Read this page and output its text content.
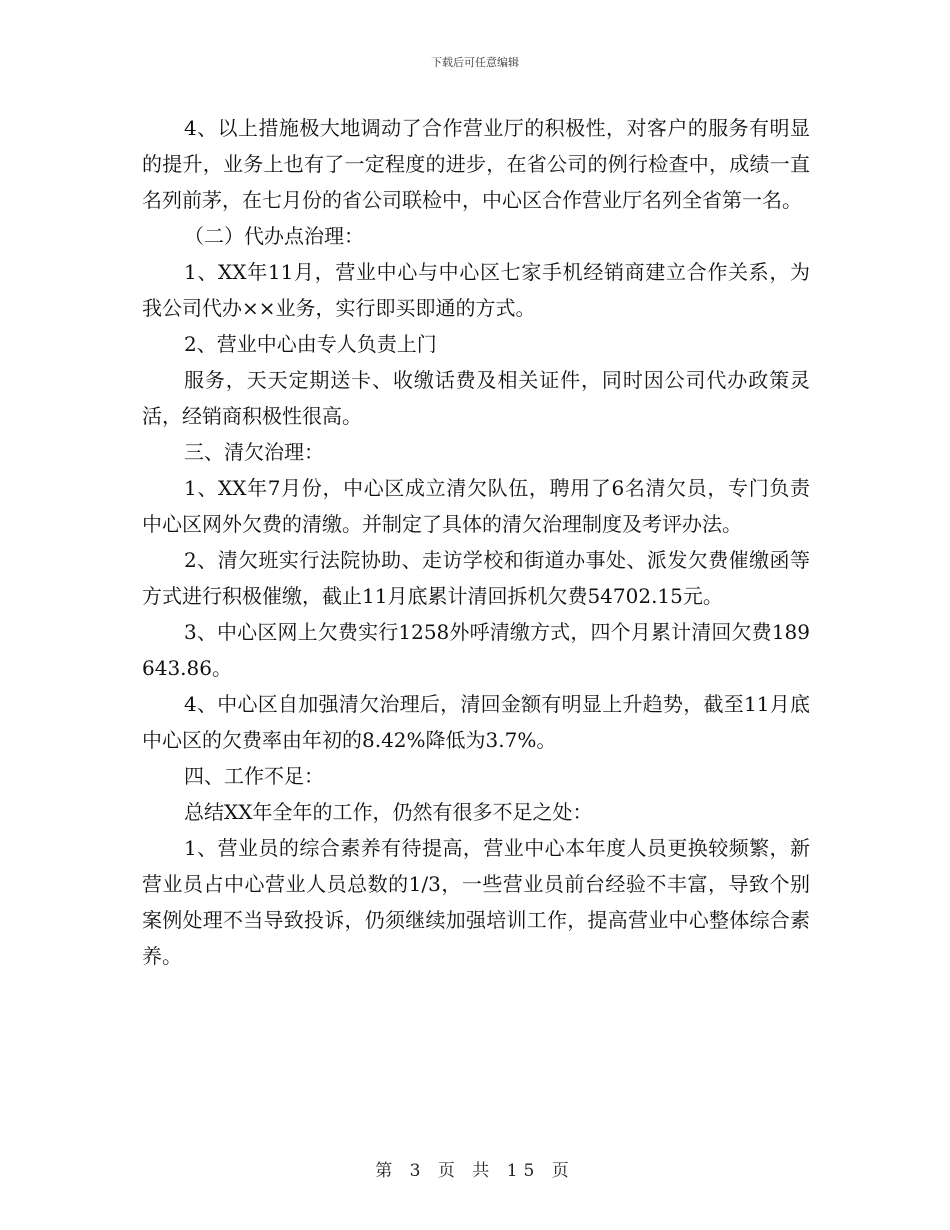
下载后可任意编辑

4、以上措施极大地调动了合作营业厅的积极性，对客户的服务有明显的提升，业务上也有了一定程度的进步，在省公司的例行检查中，成绩一直名列前茅，在七月份的省公司联检中，中心区合作营业厅名列全省第一名。

（二）代办点治理：

1、XX年11月，营业中心与中心区七家手机经销商建立合作关系，为我公司代办××业务，实行即买即通的方式。

2、营业中心由专人负责上门

服务，天天定期送卡、收缴话费及相关证件，同时因公司代办政策灵活，经销商积极性很高。

三、清欠治理：

1、XX年7月份，中心区成立清欠队伍，聘用了6名清欠员，专门负责中心区网外欠费的清缴。并制定了具体的清欠治理制度及考评办法。

2、清欠班实行法院协助、走访学校和街道办事处、派发欠费催缴函等方式进行积极催缴，截止11月底累计清回拆机欠费54702.15元。

3、中心区网上欠费实行1258外呼清缴方式，四个月累计清回欠费189643.86。

4、中心区自加强清欠治理后，清回金额有明显上升趋势，截至11月底中心区的欠费率由年初的8.42%降低为3.7%。

四、工作不足：

总结XX年全年的工作，仍然有很多不足之处：

1、营业员的综合素养有待提高，营业中心本年度人员更换较频繁，新营业员占中心营业人员总数的1/3，一些营业员前台经验不丰富，导致个别案例处理不当导致投诉，仍须继续加强培训工作，提高营业中心整体综合素养。

第 3 页 共 15 页
